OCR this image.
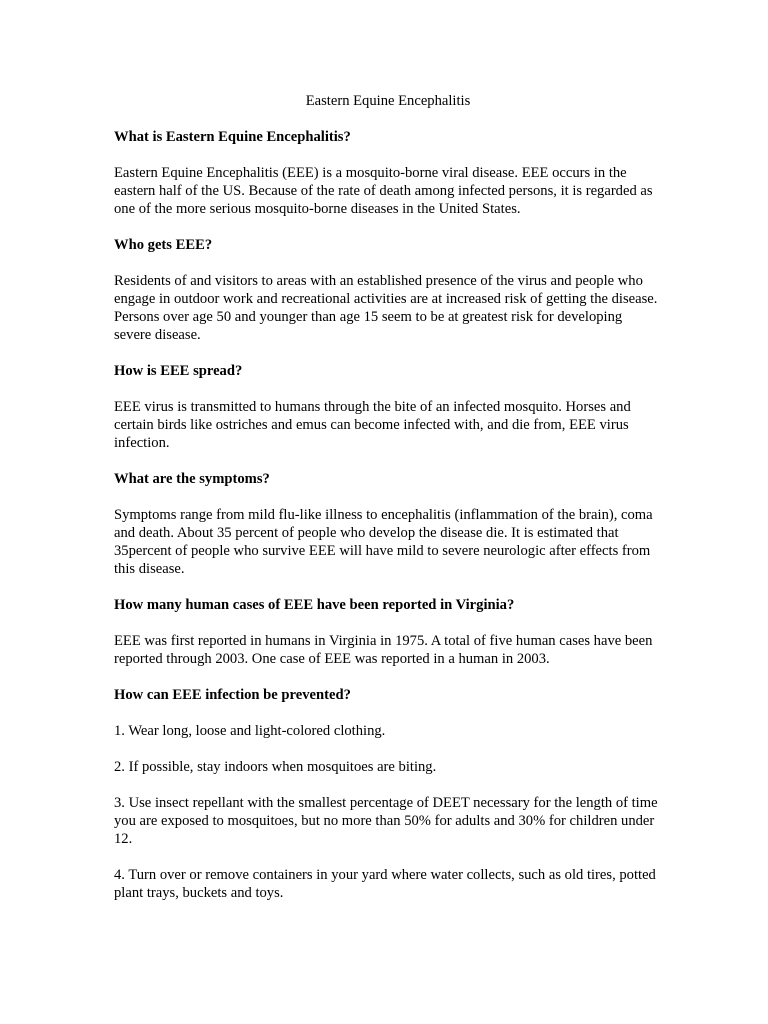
Eastern Equine Encephalitis

What is Eastern Equine Encephalitis?

Eastern Equine Encephalitis (EEE) is a mosquito-borne viral disease. EEE occurs in the eastern half of the US. Because of the rate of death among infected persons, it is regarded as one of the more serious mosquito-borne diseases in the United States.

Who gets EEE?

Residents of and visitors to areas with an established presence of the virus and people who engage in outdoor work and recreational activities are at increased risk of getting the disease. Persons over age 50 and younger than age 15 seem to be at greatest risk for developing severe disease.

How is EEE spread?

EEE virus is transmitted to humans through the bite of an infected mosquito. Horses and certain birds like ostriches and emus can become infected with, and die from, EEE virus infection.

What are the symptoms?

Symptoms range from mild flu-like illness to encephalitis (inflammation of the brain), coma and death. About 35 percent of people who develop the disease die. It is estimated that 35percent of people who survive EEE will have mild to severe neurologic after effects from this disease.

How many human cases of EEE have been reported in Virginia?

EEE was first reported in humans in Virginia in 1975. A total of five human cases have been reported through 2003. One case of EEE was reported in a human in 2003.

How can EEE infection be prevented?

1. Wear long, loose and light-colored clothing.

2. If possible, stay indoors when mosquitoes are biting.

3. Use insect repellant with the smallest percentage of DEET necessary for the length of time you are exposed to mosquitoes, but no more than 50% for adults and 30% for children under 12.

4. Turn over or remove containers in your yard where water collects, such as old tires, potted plant trays, buckets and toys.
